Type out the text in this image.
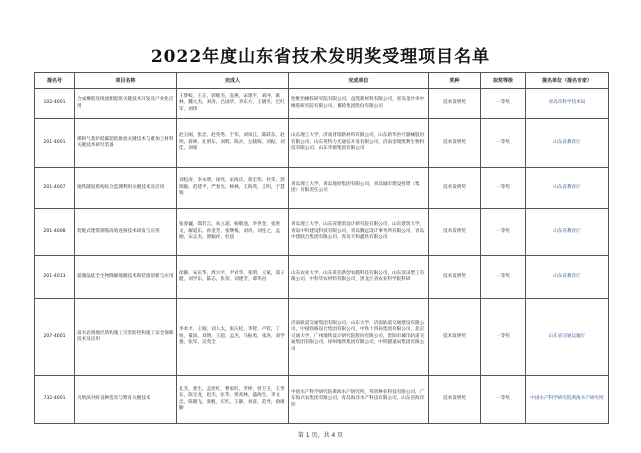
2022年度山东省技术发明奖受理项目名单
提名号	项目名称	完成人	完成单位	奖种	拟奖等级	提名单位（提名专家）
102-4001	合成橡胶连续流相混炼关键技术开发及产业化应用	王梦蛟，王正，郭维杰，袁惠，宋建平，刘冲，耿林，魏元杰，刘涛，吕国华，李东方，王晓冬，巴红军，刘伟	怡维怡橡胶研究院有限公司，益凯新材料有限公司，青岛金沙米中橡胶研究院有限公司，赛轮集团股份有限公司	技术发明奖	一等奖	青岛市科学技术局
201-4001	煤粉气基炉低碳超低排放关键技术与难加工材料关键技术研究装备	赵玉刚，张忠，赵英秀，于伟，刘凤江，陈跃东，赵明，蒋林，孔明东，刘辉，陈兵，左晓晖，刘振，刘佳，刘蒙	山东理工大学，济南普瑞新材料有限公司，山东新华医疗器械股份有限公司，山东英特力光通信开发有限公司，济南金瑞凯利生物科技有限公司，山东华源集团有限公司	技术发明奖	一等奖	山东省教育厅
201-4007	地铁隧道盾构综合监测利用关键技术及应用	刘松涛，李永明，徐亮，宋海庆，蒋宏伟，杜荣，郭瑞敏，范建平，严春光，杨林，王海英，王明，于慧娟	青岛理工大学，青岛地铁集团有限公司，青岛城市建设投资（集团）有限责任公司	技术发明奖	一等奖	山东省教育厅
201-4008	装配式建筑钢筋高效连接技术研发与应用	张春巍，邵若言，朱立超，杨敬池，李世金，张进文，解道东，孙金芳，张继梅，刘涛，刘连之，孟刚，宋志杰，郭颖祥，杜超	青岛理工大学，山东省建筑设计研究院有限公司，山东建筑大学，青岛中科建设科技有限公司，青岛腾远设计事务所有限公司，青岛中建联合集团有限公司，青岛天和鑫铁有限公司	技术发明奖	一等奖	山东省教育厅
201-4013	超薄晶硅全生物降解地膜技术和装备创新与应用	徐静，宋庆华，周兴平，尹君华，张明，王斌，郑子健，刘学东，陈志，仇荣，刘建芳，谭华昌	山东农业大学，山东莱芜新型农膜科技有限公司，山东清田塑工有限公司，中科华农材料有限公司，黑龙江省农业科学院科研	技术发明奖	一等奖	山东省教育厅
207-4001	富水岩溶地层盾构施工灾害防控和施工安全保障技术及应用	李术才，王刚，刘人太，张庆松，李智，卢钦，丁恒，董雨，刘明，王超，孟杰，马振勇，张涛，刘学强，张军，吴英全	济南轨道交通集团有限公司，山东大学，济南轨道交通建设有限公司，中国铁路设计集团有限公司，中铁十四局集团有限公司，北京交通大学，广州地铁设计研究院股份有限公司，贵阳市城市轨道交通集团有限公司，徐州地铁集团有限公司，中铁隧道局集团有限公司	技术发明奖	一等奖	山东省交通运输厅
732-4001	凡纳滨对虾良种选育与繁育关键技术	孔杰，栾生，孟宪红，曹家旺，罗坤，曾卫卫，王世东，陈宝龙，赵杰，匡华，贾高林，盛海生，李文忠，陈晓飞，张帆，庄红，王静，刘彦，范寿，俞康勤	中国水产科学研究院黄海水产研究所，邦普种业科技有限公司，广东海兴农集团有限公司，青岛海洋水产科技有限公司，山东省海洋所	技术发明奖	一等奖	中国水产科学研究院黄海水产研究所
第 1 页，共 4 页
